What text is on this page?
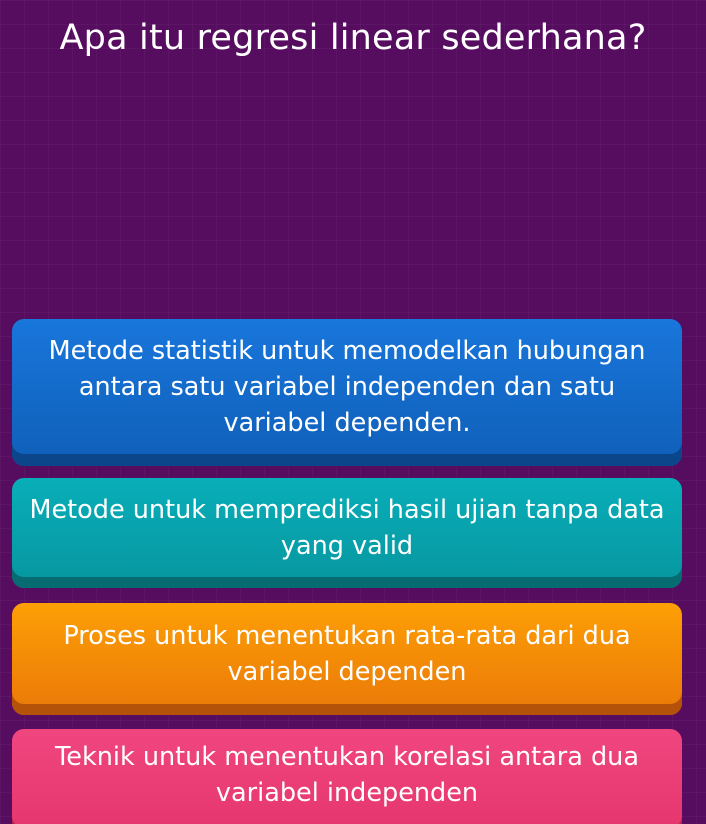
Apa itu regresi linear sederhana?
Metode statistik untuk memodelkan hubungan antara satu variabel independen dan satu variabel dependen.
Metode untuk memprediksi hasil ujian tanpa data yang valid
Proses untuk menentukan rata-rata dari dua variabel dependen
Teknik untuk menentukan korelasi antara dua variabel independen
